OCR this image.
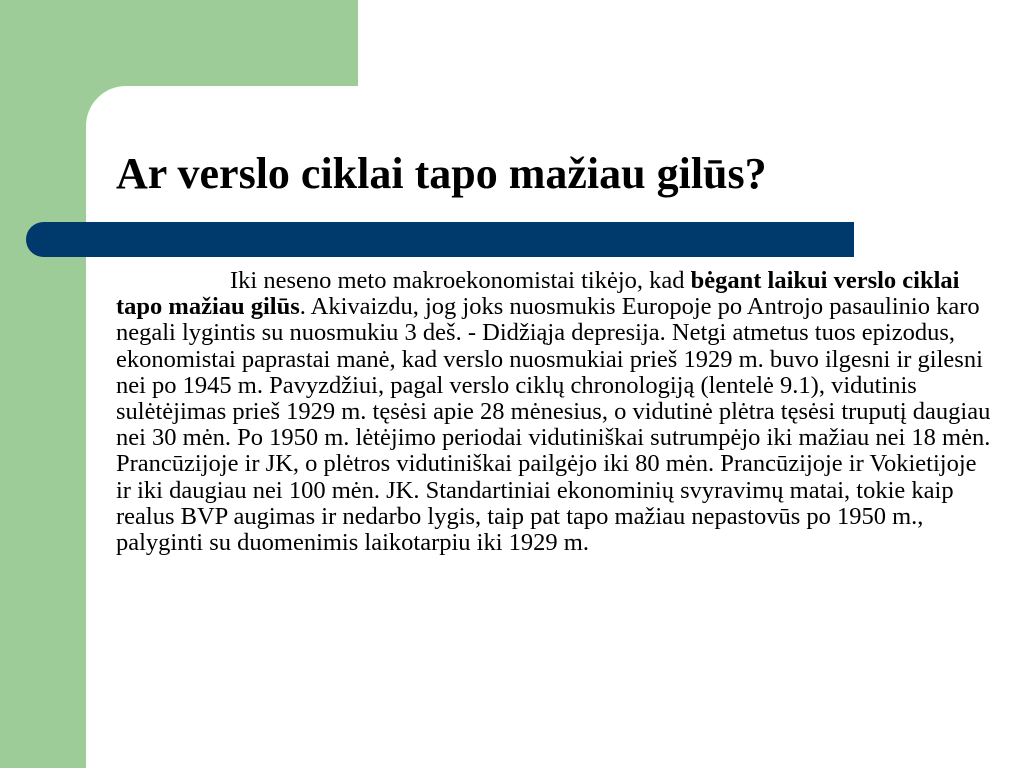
Ar verslo ciklai tapo mažiau gilūs?

Iki neseno meto makroekonomistai tikėjo, kad bėgant laikui verslo ciklai tapo mažiau gilūs. Akivaizdu, jog joks nuosmukis Europoje po Antrojo pasaulinio karo negali lygintis su nuosmukiu 3 deš. - Didžiąja depresija. Netgi atmetus tuos epizodus, ekonomistai paprastai manė, kad verslo nuosmukiai prieš 1929 m. buvo ilgesni ir gilesni nei po 1945 m. Pavyzdžiui, pagal verslo ciklų chronologiją (lentelė 9.1), vidutinis sulėtėjimas prieš 1929 m. tęsėsi apie 28 mėnesius, o vidutinė plėtra tęsėsi truputį daugiau nei 30 mėn. Po 1950 m. lėtėjimo periodai vidutiniškai sutrumpėjo iki mažiau nei 18 mėn. Prancūzijoje ir JK, o plėtros vidutiniškai pailgėjo iki 80 mėn. Prancūzijoje ir Vokietijoje ir iki daugiau nei 100 mėn. JK. Standartiniai ekonominių svyravimų matai, tokie kaip realus BVP augimas ir nedarbo lygis, taip pat tapo mažiau nepastovūs po 1950 m., palyginti su duomenimis laikotarpiu iki 1929 m.
